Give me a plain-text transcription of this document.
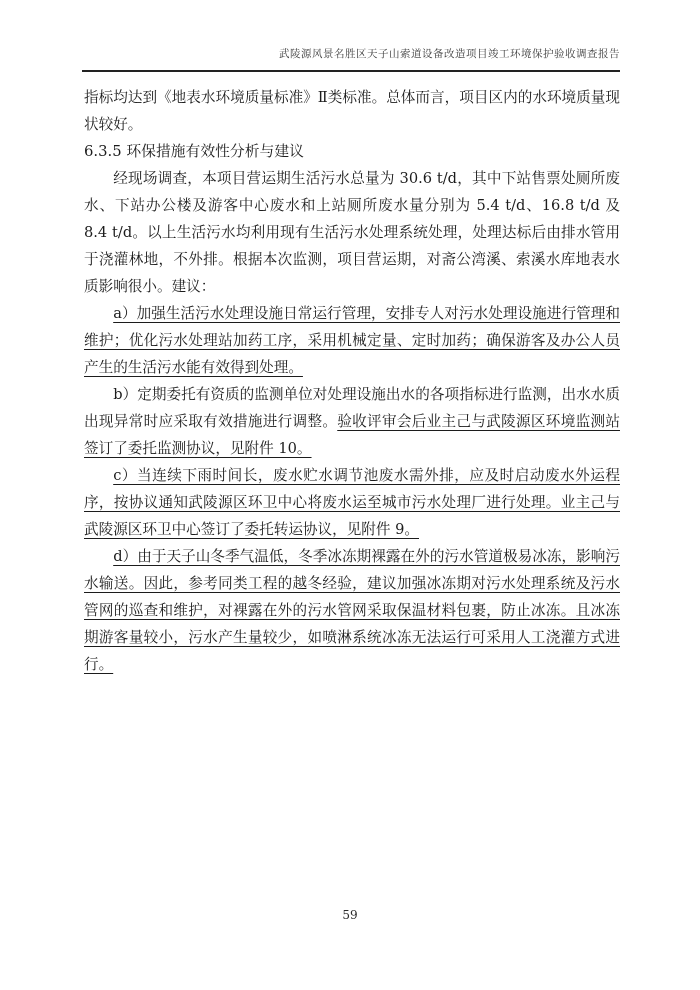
武陵源风景名胜区天子山索道设备改造项目竣工环境保护验收调查报告

指标均达到《地表水环境质量标准》Ⅱ类标准。总体而言，项目区内的水环境质量现状较好。

6.3.5 环保措施有效性分析与建议

经现场调查，本项目营运期生活污水总量为 30.6 t/d，其中下站售票处厕所废水、下站办公楼及游客中心废水和上站厕所废水量分别为 5.4 t/d、16.8 t/d 及 8.4 t/d。以上生活污水均利用现有生活污水处理系统处理，处理达标后由排水管用于浇灌林地，不外排。根据本次监测，项目营运期，对斋公湾溪、索溪水库地表水质影响很小。建议：

a）加强生活污水处理设施日常运行管理，安排专人对污水处理设施进行管理和维护；优化污水处理站加药工序，采用机械定量、定时加药；确保游客及办公人员产生的生活污水能有效得到处理。

b）定期委托有资质的监测单位对处理设施出水的各项指标进行监测，出水水质出现异常时应采取有效措施进行调整。验收评审会后业主己与武陵源区环境监测站签订了委托监测协议，见附件 10。

c）当连续下雨时间长，废水贮水调节池废水需外排，应及时启动废水外运程序，按协议通知武陵源区环卫中心将废水运至城市污水处理厂进行处理。业主己与武陵源区环卫中心签订了委托转运协议，见附件 9。

d）由于天子山冬季气温低，冬季冰冻期裸露在外的污水管道极易冰冻，影响污水输送。因此，参考同类工程的越冬经验，建议加强冰冻期对污水处理系统及污水管网的巡查和维护，对裸露在外的污水管网采取保温材料包裹，防止冰冻。且冰冻期游客量较小，污水产生量较少，如喷淋系统冰冻无法运行可采用人工浇灌方式进行。

59
